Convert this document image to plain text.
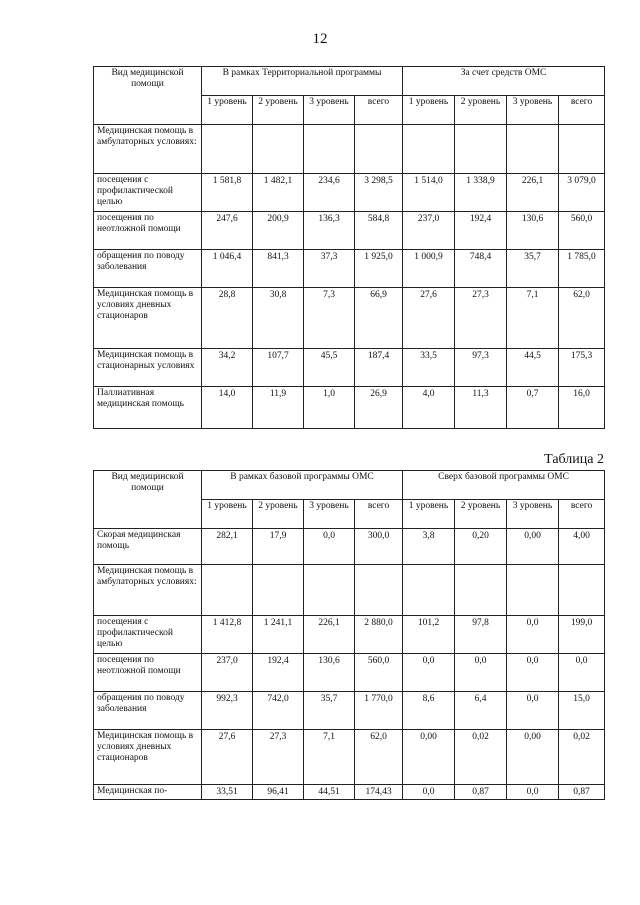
12
Вид медицинской помощи	В рамках Территориальной программы				За счет средств ОМС			
	1 уровень	2 уровень	3 уровень	всего	1 уровень	2 уровень	3 уровень	всего
Медицинская помощь в амбулаторных условиях:								
посещения с профилактической целью	1 581,8	1 482,1	234,6	3 298,5	1 514,0	1 338,9	226,1	3 079,0
посещения по неотложной помощи	247,6	200,9	136,3	584,8	237,0	192,4	130,6	560,0
обращения по поводу заболевания	1 046,4	841,3	37,3	1 925,0	1 000,9	748,4	35,7	1 785,0
Медицинская помощь в условиях дневных стационаров	28,8	30,8	7,3	66,9	27,6	27,3	7,1	62,0
Медицинская помощь в стационарных условиях	34,2	107,7	45,5	187,4	33,5	97,3	44,5	175,3
Паллиативная медицинская помощь	14,0	11,9	1,0	26,9	4,0	11,3	0,7	16,0
Таблица 2
Вид медицинской помощи	В рамках базовой программы ОМС				Сверх базовой программы ОМС			
	1 уровень	2 уровень	3 уровень	всего	1 уровень	2 уровень	3 уровень	всего
Скорая медицинская помощь	282,1	17,9	0,0	300,0	3,8	0,20	0,00	4,00
Медицинская помощь в амбулаторных условиях:								
посещения с профилактической целью	1 412,8	1 241,1	226,1	2 880,0	101,2	97,8	0,0	199,0
посещения по неотложной помощи	237,0	192,4	130,6	560,0	0,0	0,0	0,0	0,0
обращения по поводу заболевания	992,3	742,0	35,7	1 770,0	8,6	6,4	0,0	15,0
Медицинская помощь в условиях дневных стационаров	27,6	27,3	7,1	62,0	0,00	0,02	0,00	0,02
Медицинская по-	33,51	96,41	44,51	174,43	0,0	0,87	0,0	0,87
